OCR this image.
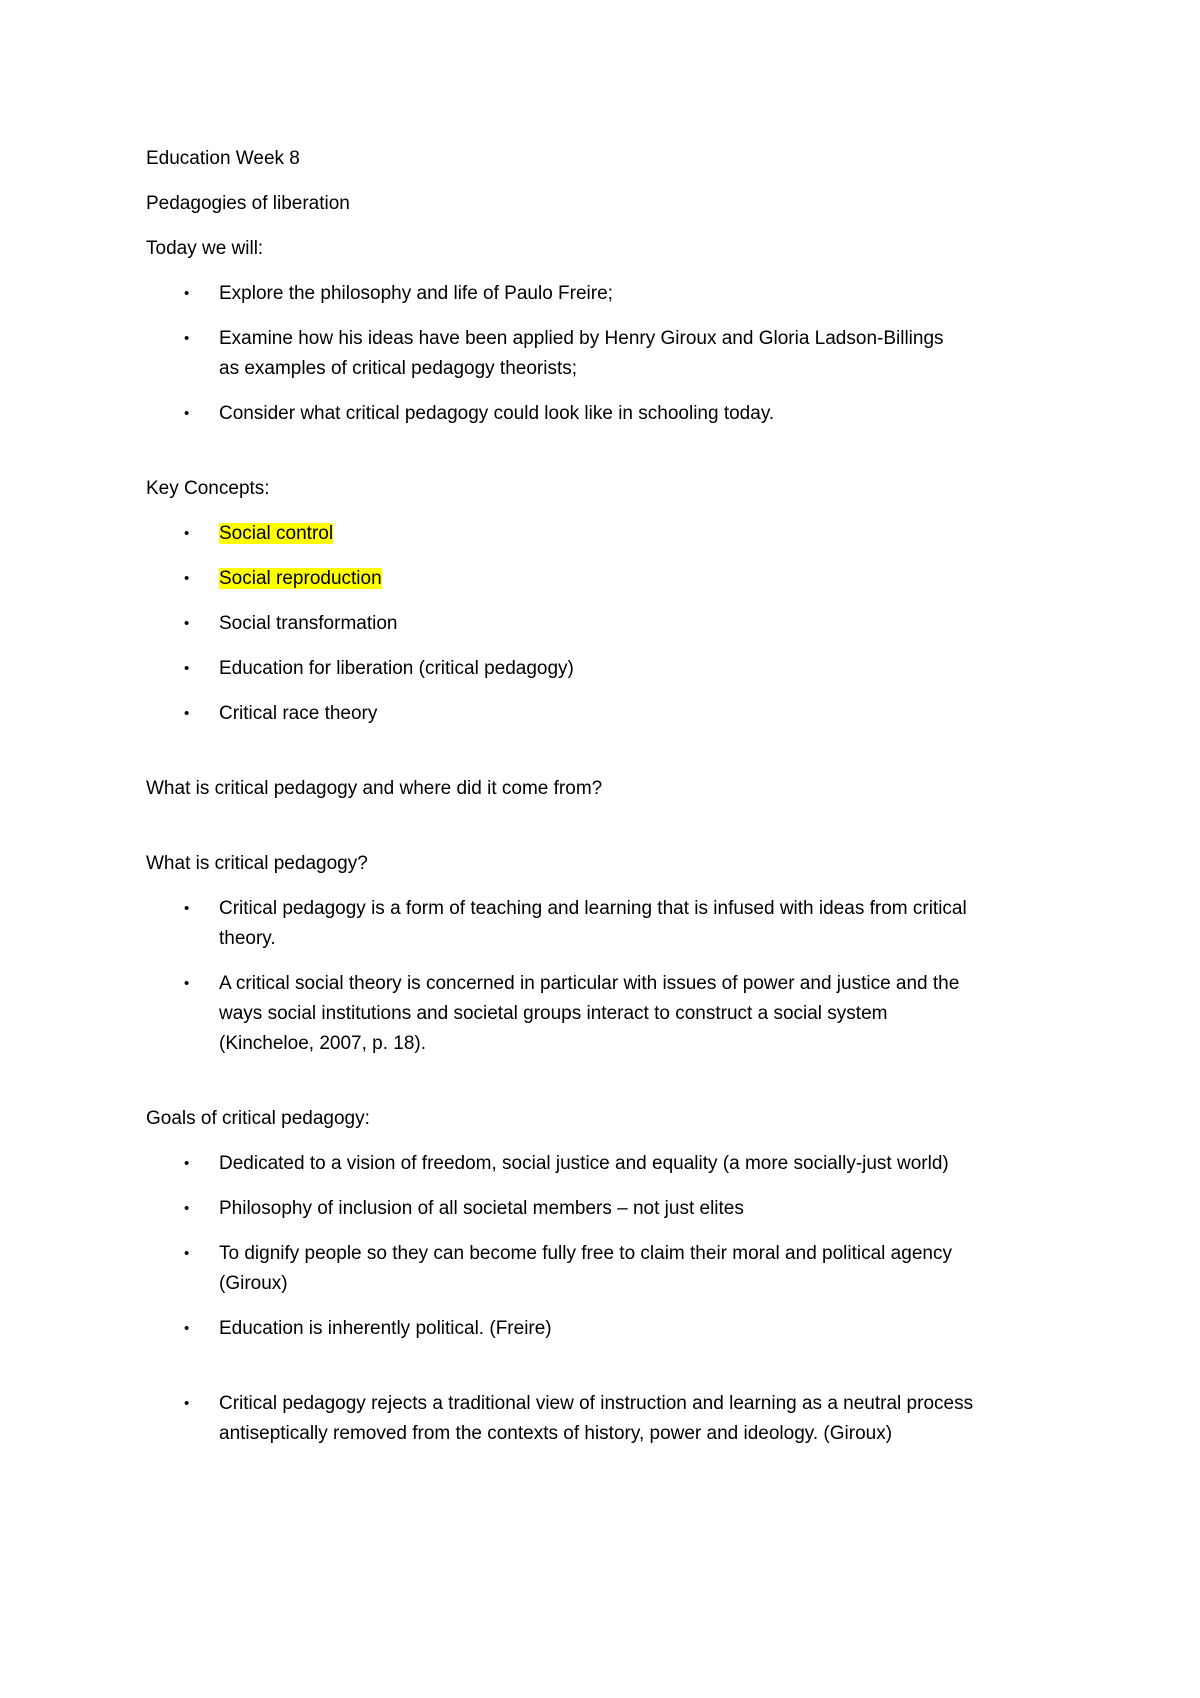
Education Week 8

Pedagogies of liberation

Today we will:

• Explore the philosophy and life of Paulo Freire;
• Examine how his ideas have been applied by Henry Giroux and Gloria Ladson-Billings as examples of critical pedagogy theorists;
• Consider what critical pedagogy could look like in schooling today.

Key Concepts:

• Social control
• Social reproduction
• Social transformation
• Education for liberation (critical pedagogy)
• Critical race theory

What is critical pedagogy and where did it come from?

What is critical pedagogy?

• Critical pedagogy is a form of teaching and learning that is infused with ideas from critical theory.
• A critical social theory is concerned in particular with issues of power and justice and the ways social institutions and societal groups interact to construct a social system (Kincheloe, 2007, p. 18).

Goals of critical pedagogy:

• Dedicated to a vision of freedom, social justice and equality (a more socially-just world)
• Philosophy of inclusion of all societal members – not just elites
• To dignify people so they can become fully free to claim their moral and political agency (Giroux)
• Education is inherently political. (Freire)
• Critical pedagogy rejects a traditional view of instruction and learning as a neutral process antiseptically removed from the contexts of history, power and ideology. (Giroux)
